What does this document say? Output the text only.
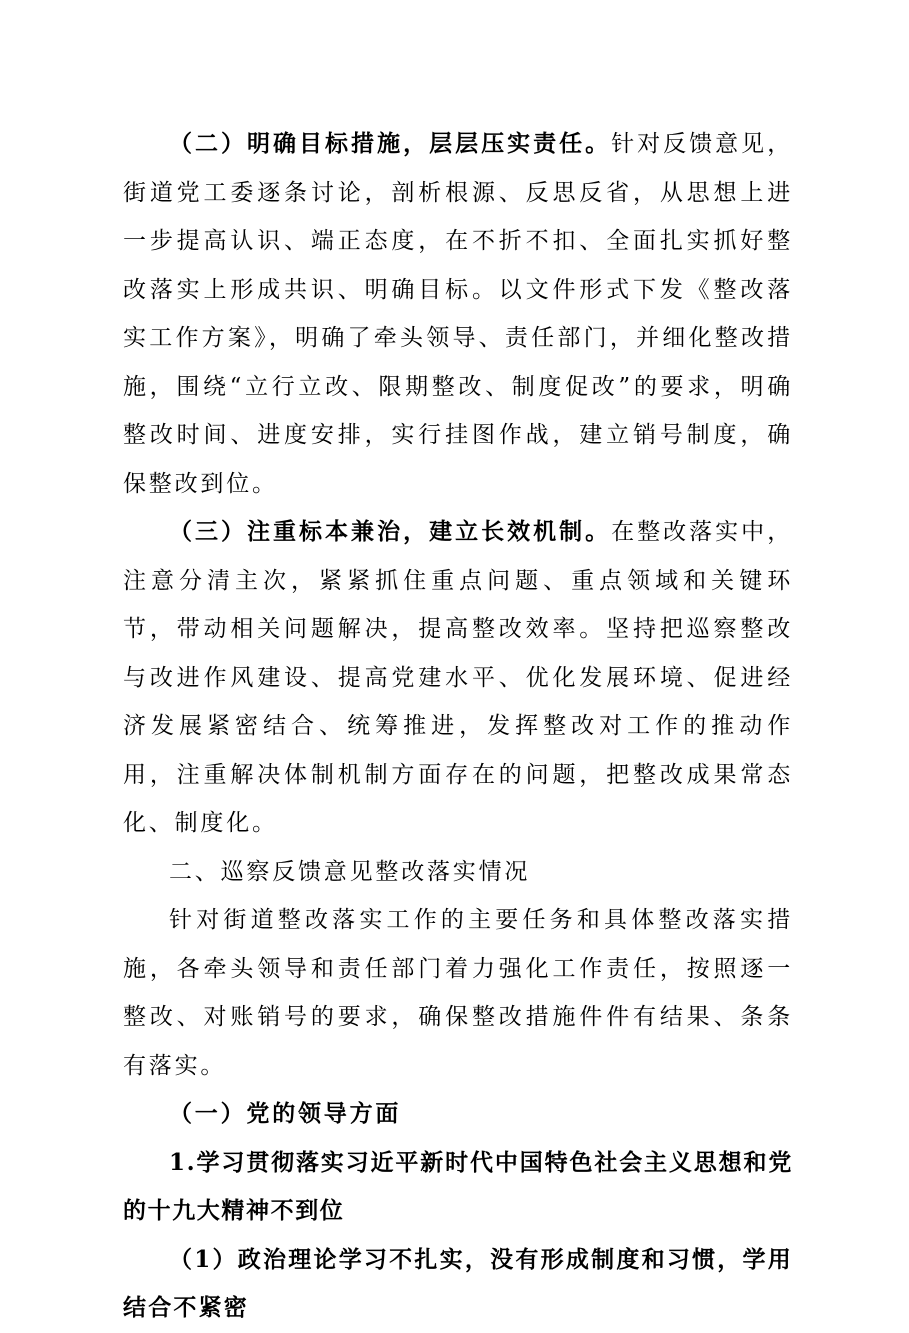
（二）明确目标措施，层层压实责任。针对反馈意见，街道党工委逐条讨论，剖析根源、反思反省，从思想上进一步提高认识、端正态度，在不折不扣、全面扎实抓好整改落实上形成共识、明确目标。以文件形式下发《整改落实工作方案》，明确了牵头领导、责任部门，并细化整改措施，围绕“立行立改、限期整改、制度促改”的要求，明确整改时间、进度安排，实行挂图作战，建立销号制度，确保整改到位。

（三）注重标本兼治，建立长效机制。在整改落实中，注意分清主次，紧紧抓住重点问题、重点领域和关键环节，带动相关问题解决，提高整改效率。坚持把巡察整改与改进作风建设、提高党建水平、优化发展环境、促进经济发展紧密结合、统筹推进，发挥整改对工作的推动作用，注重解决体制机制方面存在的问题，把整改成果常态化、制度化。

二、巡察反馈意见整改落实情况

针对街道整改落实工作的主要任务和具体整改落实措施，各牵头领导和责任部门着力强化工作责任，按照逐一整改、对账销号的要求，确保整改措施件件有结果、条条有落实。

（一）党的领导方面

1.学习贯彻落实习近平新时代中国特色社会主义思想和党的十九大精神不到位

（1）政治理论学习不扎实，没有形成制度和习惯，学用结合不紧密
